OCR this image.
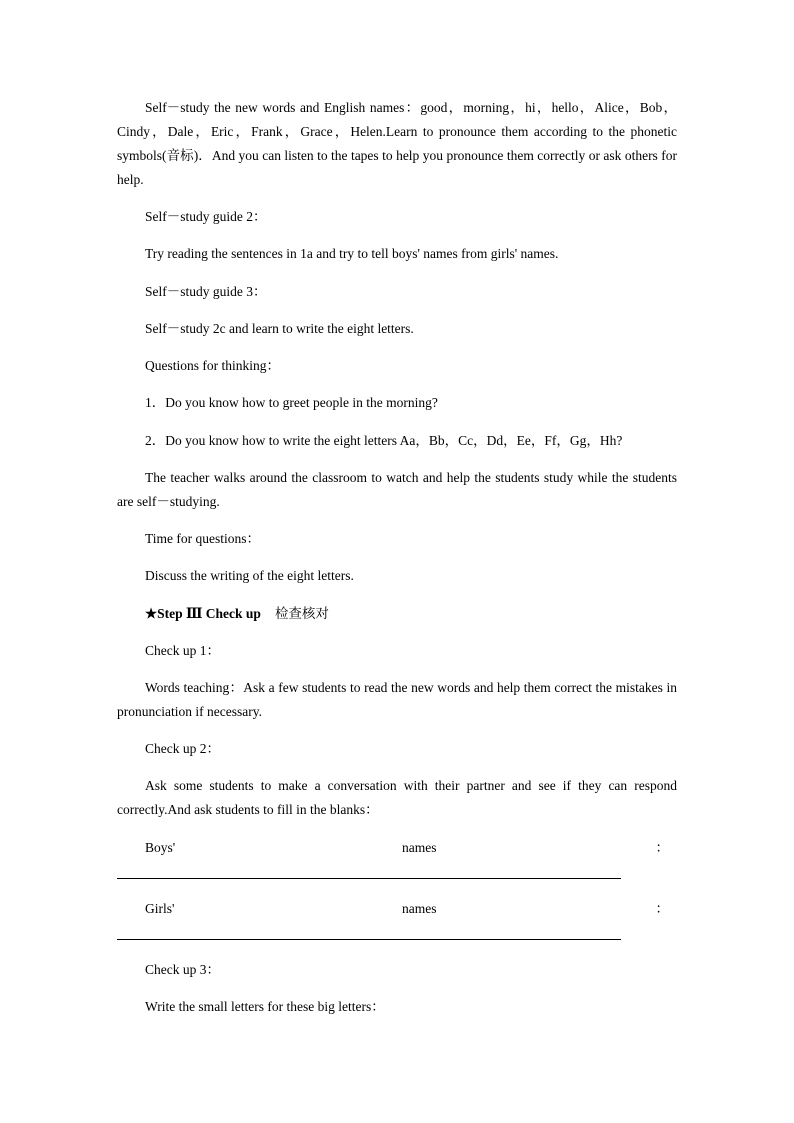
Self－study the new words and English names：good，morning，hi，hello，Alice，Bob，Cindy，Dale，Eric，Frank，Grace，Helen.Learn to pronounce them according to the phonetic symbols(音标)．And you can listen to the tapes to help you pronounce them correctly or ask others for help.

Self－study guide 2：

Try reading the sentences in 1a and try to tell boys' names from girls' names.

Self－study guide 3：

Self－study 2c and learn to write the eight letters.

Questions for thinking：

1．Do you know how to greet people in the morning?

2．Do you know how to write the eight letters Aa，Bb，Cc，Dd，Ee，Ff，Gg，Hh?

The teacher walks around the classroom to watch and help the students study while the students are self－studying.

Time for questions：

Discuss the writing of the eight letters.

★Step Ⅲ Check up 检查核对

Check up 1：

Words teaching：Ask a few students to read the new words and help them correct the mistakes in pronunciation if necessary.

Check up 2：

Ask some students to make a conversation with their partner and see if they can respond correctly.And ask students to fill in the blanks：

Boys'	names	：
Girls'	names	：

Check up 3：

Write the small letters for these big letters：
